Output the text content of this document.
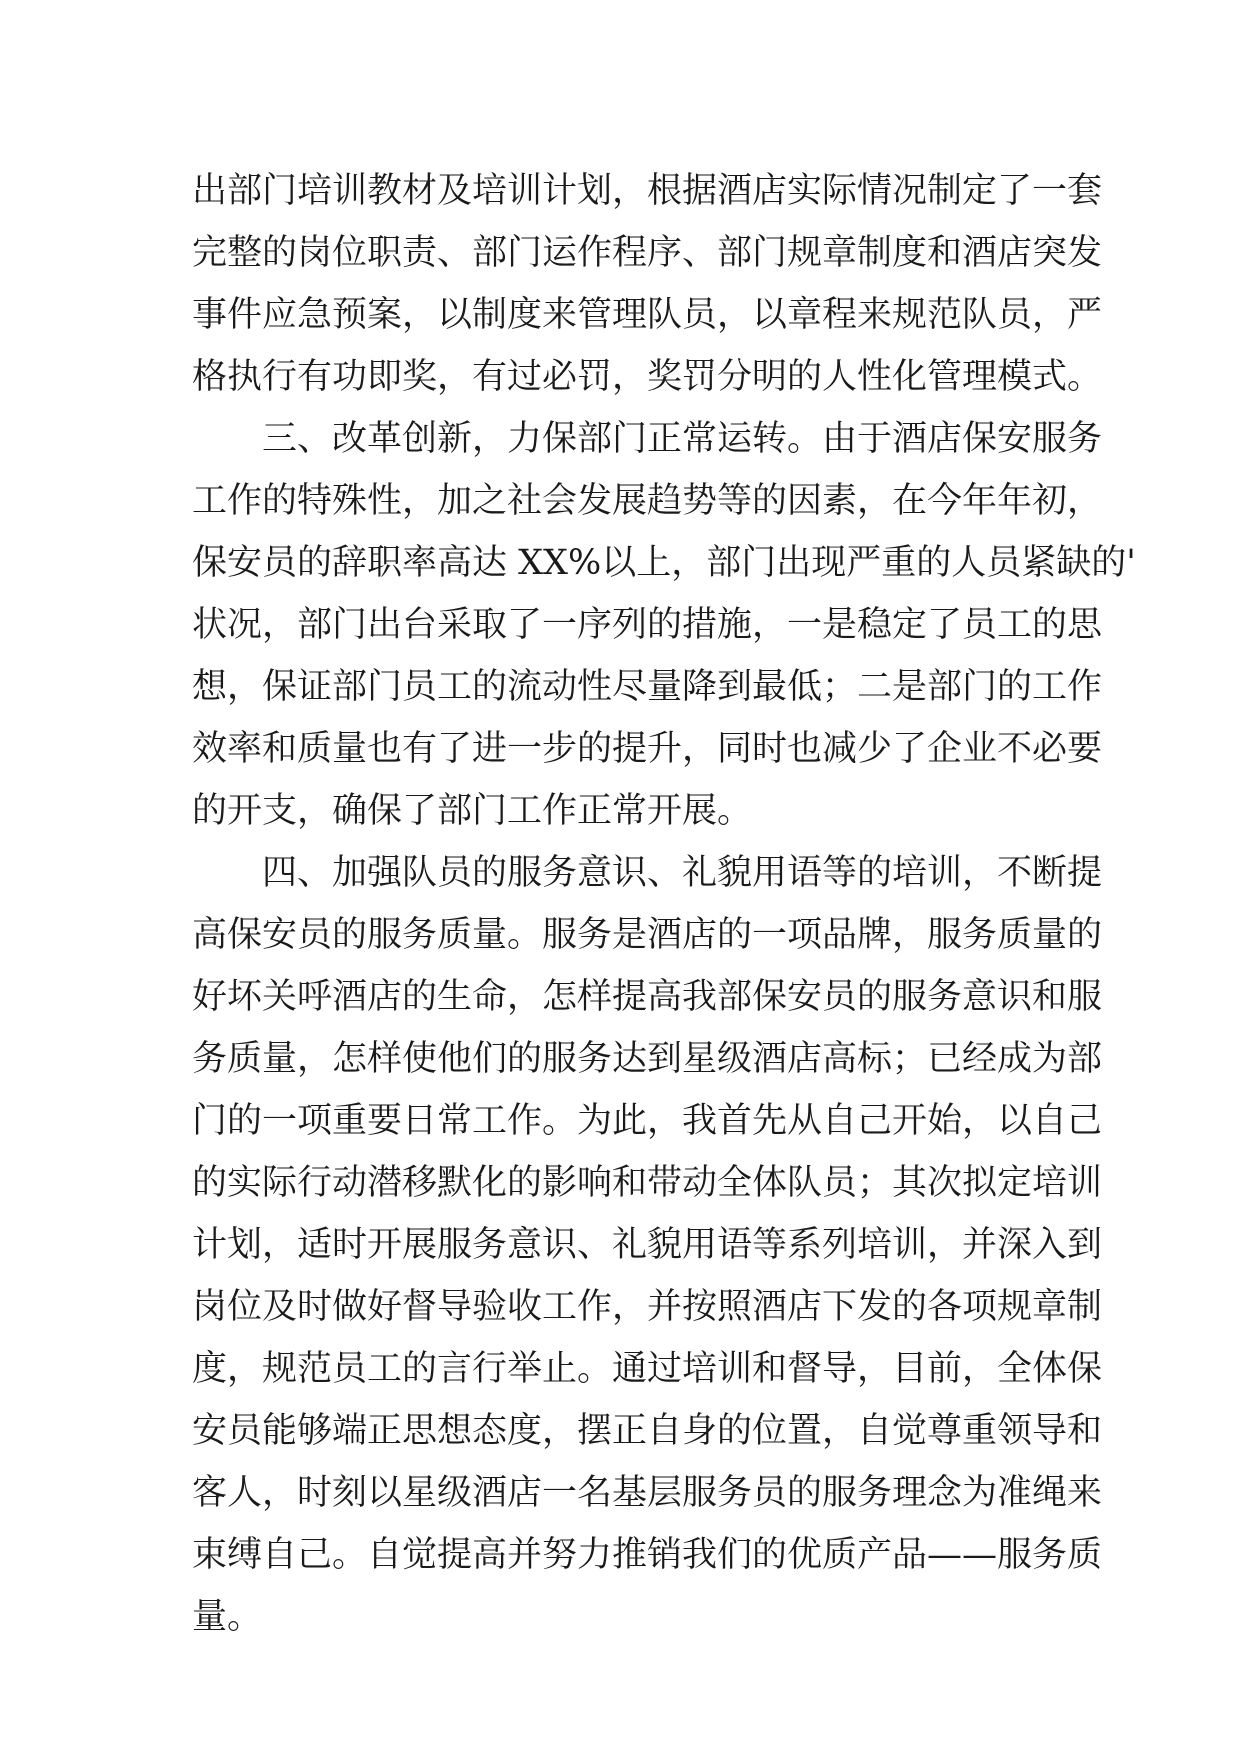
出部门培训教材及培训计划，根据酒店实际情况制定了一套
完整的岗位职责、部门运作程序、部门规章制度和酒店突发
事件应急预案，以制度来管理队员，以章程来规范队员，严
格执行有功即奖，有过必罚，奖罚分明的人性化管理模式。
三、改革创新，力保部门正常运转。由于酒店保安服务
工作的特殊性，加之社会发展趋势等的因素，在今年年初，
保安员的辞职率高达 XX%以上，部门出现严重的人员紧缺的'
状况，部门出台采取了一序列的措施，一是稳定了员工的思
想，保证部门员工的流动性尽量降到最低；二是部门的工作
效率和质量也有了进一步的提升，同时也减少了企业不必要
的开支，确保了部门工作正常开展。
四、加强队员的服务意识、礼貌用语等的培训，不断提
高保安员的服务质量。服务是酒店的一项品牌，服务质量的
好坏关呼酒店的生命，怎样提高我部保安员的服务意识和服
务质量，怎样使他们的服务达到星级酒店高标；已经成为部
门的一项重要日常工作。为此，我首先从自己开始，以自己
的实际行动潜移默化的影响和带动全体队员；其次拟定培训
计划，适时开展服务意识、礼貌用语等系列培训，并深入到
岗位及时做好督导验收工作，并按照酒店下发的各项规章制
度，规范员工的言行举止。通过培训和督导，目前，全体保
安员能够端正思想态度，摆正自身的位置，自觉尊重领导和
客人，时刻以星级酒店一名基层服务员的服务理念为准绳来
束缚自己。自觉提高并努力推销我们的优质产品——服务质
量。
